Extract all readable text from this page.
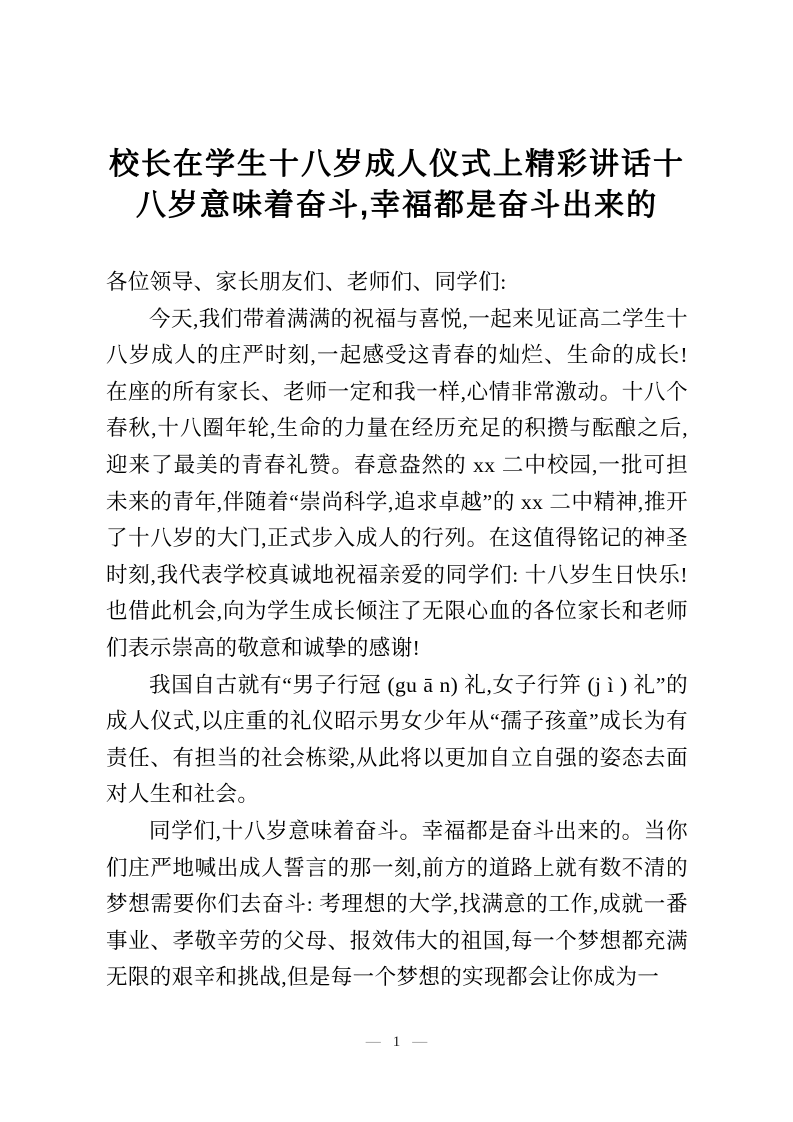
校长在学生十八岁成人仪式上精彩讲话十
八岁意味着奋斗,幸福都是奋斗出来的

各位领导、家长朋友们、老师们、同学们:

今天,我们带着满满的祝福与喜悦,一起来见证高二学生十八岁成人的庄严时刻,一起感受这青春的灿烂、生命的成长!在座的所有家长、老师一定和我一样,心情非常激动。十八个春秋,十八圈年轮,生命的力量在经历充足的积攒与酝酿之后,迎来了最美的青春礼赞。春意盎然的 xx 二中校园,一批可担未来的青年,伴随着“崇尚科学,追求卓越”的 xx 二中精神,推开了十八岁的大门,正式步入成人的行列。在这值得铭记的神圣时刻,我代表学校真诚地祝福亲爱的同学们: 十八岁生日快乐!也借此机会,向为学生成长倾注了无限心血的各位家长和老师们表示崇高的敬意和诚挚的感谢!

我国自古就有“男子行冠 (gu ā n) 礼,女子行笄 (j ì ) 礼”的成人仪式,以庄重的礼仪昭示男女少年从“孺子孩童”成长为有责任、有担当的社会栋梁,从此将以更加自立自强的姿态去面对人生和社会。

同学们,十八岁意味着奋斗。幸福都是奋斗出来的。当你们庄严地喊出成人誓言的那一刻,前方的道路上就有数不清的梦想需要你们去奋斗: 考理想的大学,找满意的工作,成就一番事业、孝敬辛劳的父母、报效伟大的祖国,每一个梦想都充满无限的艰辛和挑战,但是每一个梦想的实现都会让你成为一

— 1 —
